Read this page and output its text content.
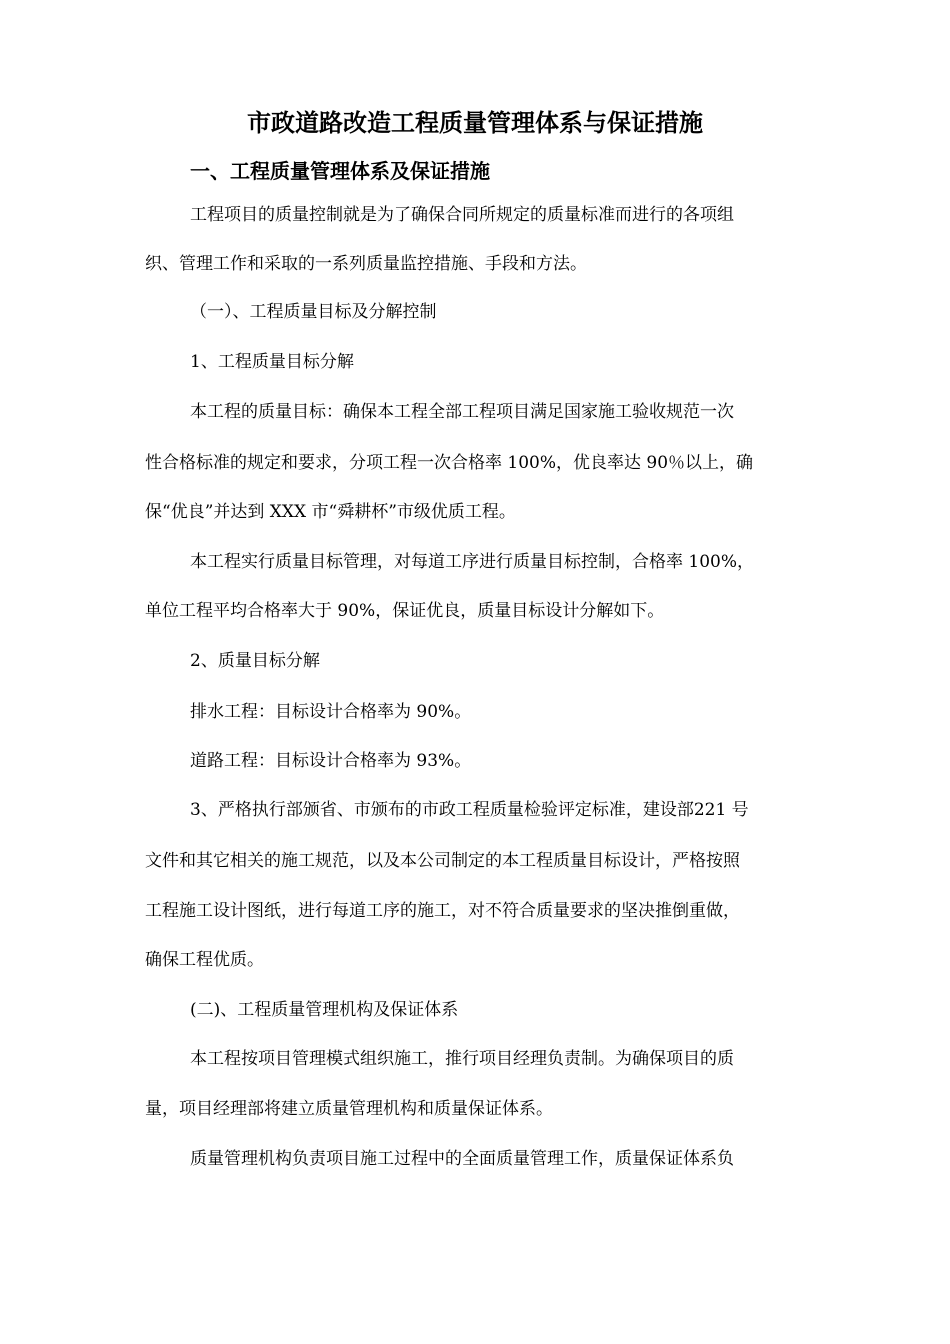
市政道路改造工程质量管理体系与保证措施
一、工程质量管理体系及保证措施
工程项目的质量控制就是为了确保合同所规定的质量标准而进行的各项组
织、管理工作和采取的一系列质量监控措施、手段和方法。
（一）、工程质量目标及分解控制
1、工程质量目标分解
本工程的质量目标：确保本工程全部工程项目满足国家施工验收规范一次
性合格标准的规定和要求，分项工程一次合格率 100%，优良率达 90％以上，确
保“优良”并达到 XXX 市“舜耕杯”市级优质工程。
本工程实行质量目标管理，对每道工序进行质量目标控制，合格率 100%，
单位工程平均合格率大于 90%，保证优良，质量目标设计分解如下。
2、质量目标分解
排水工程：目标设计合格率为 90%。
道路工程：目标设计合格率为 93%。
3、严格执行部颁省、市颁布的市政工程质量检验评定标准，建设部221 号
文件和其它相关的施工规范，以及本公司制定的本工程质量目标设计，严格按照
工程施工设计图纸，进行每道工序的施工，对不符合质量要求的坚决推倒重做，
确保工程优质。
(二)、工程质量管理机构及保证体系
本工程按项目管理模式组织施工，推行项目经理负责制。为确保项目的质
量，项目经理部将建立质量管理机构和质量保证体系。
质量管理机构负责项目施工过程中的全面质量管理工作，质量保证体系负
